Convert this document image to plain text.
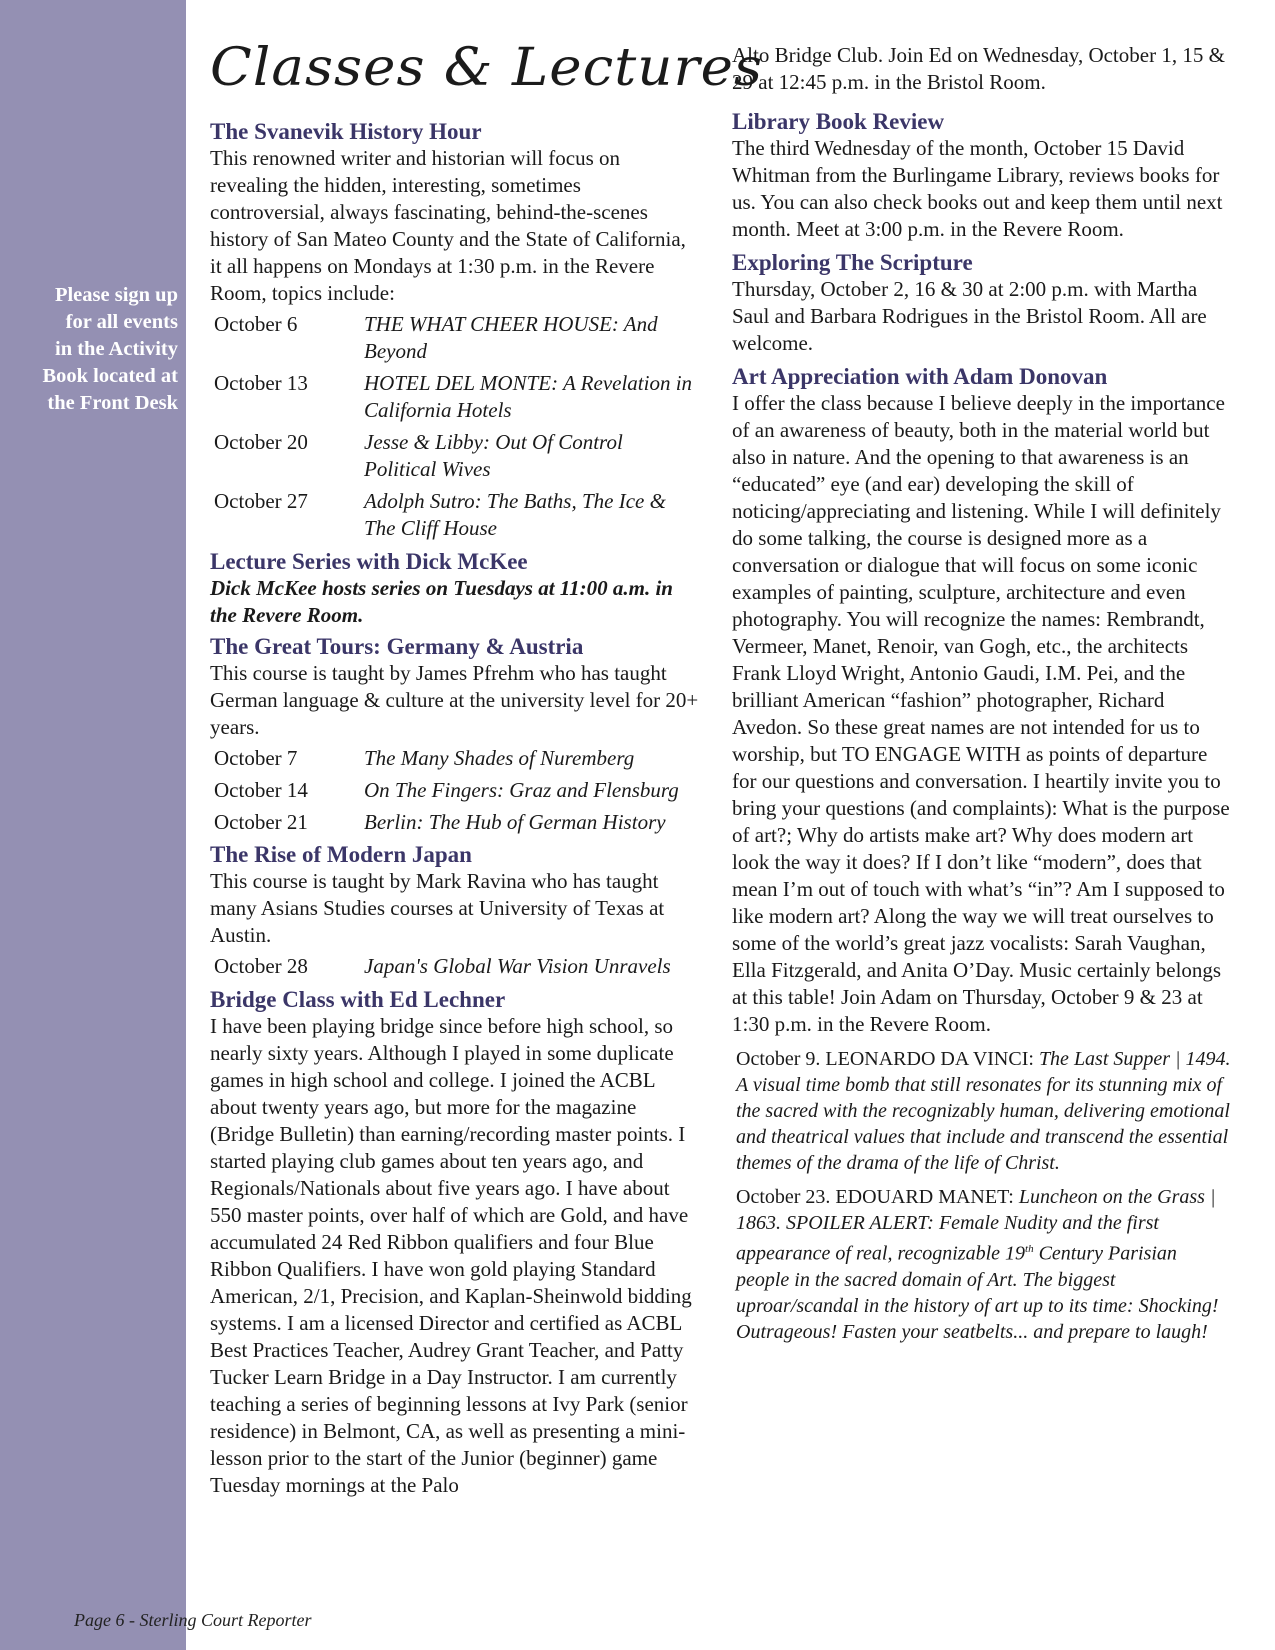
Please sign up
for all events
in the Activity
Book located at
the Front Desk
Classes & Lectures
The Svanevik History Hour

This renowned writer and historian will focus on revealing the hidden, interesting, sometimes controversial, always fascinating, behind-the-scenes history of San Mateo County and the State of California, it all happens on Mondays at 1:30 p.m. in the Revere Room, topics include:

October 6	THE WHAT CHEER HOUSE: And Beyond
October 13	HOTEL DEL MONTE: A Revelation in California Hotels
October 20	Jesse & Libby: Out Of Control Political Wives
October 27	Adolph Sutro: The Baths, The Ice & The Cliff House
Lecture Series with Dick McKee

Dick McKee hosts series on Tuesdays at 11:00 a.m. in the Revere Room.

The Great Tours: Germany & Austria

This course is taught by James Pfrehm who has taught German language & culture at the university level for 20+ years.

October 7	The Many Shades of Nuremberg
October 14	On The Fingers: Graz and Flensburg
October 21	Berlin: The Hub of German History
The Rise of Modern Japan

This course is taught by Mark Ravina who has taught many Asians Studies courses at University of Texas at Austin.

October 28	Japan's Global War Vision Unravels
Bridge Class with Ed Lechner

I have been playing bridge since before high school, so nearly sixty years. Although I played in some duplicate games in high school and college. I joined the ACBL about twenty years ago, but more for the magazine (Bridge Bulletin) than earning/recording master points. I started playing club games about ten years ago, and Regionals/Nationals about five years ago. I have about 550 master points, over half of which are Gold, and have accumulated 24 Red Ribbon qualifiers and four Blue Ribbon Qualifiers. I have won gold playing Standard American, 2/1, Precision, and Kaplan-Sheinwold bidding systems. I am a licensed Director and certified as ACBL Best Practices Teacher, Audrey Grant Teacher, and Patty Tucker Learn Bridge in a Day Instructor. I am currently teaching a series of beginning lessons at Ivy Park (senior residence) in Belmont, CA, as well as presenting a mini-lesson prior to the start of the Junior (beginner) game Tuesday mornings at the Palo

Alto Bridge Club. Join Ed on Wednesday, October 1, 15 & 29 at 12:45 p.m. in the Bristol Room.

Library Book Review

The third Wednesday of the month, October 15 David Whitman from the Burlingame Library, reviews books for us. You can also check books out and keep them until next month. Meet at 3:00 p.m. in the Revere Room.

Exploring The Scripture

Thursday, October 2, 16 & 30 at 2:00 p.m. with Martha Saul and Barbara Rodrigues in the Bristol Room. All are welcome.

Art Appreciation with Adam Donovan

I offer the class because I believe deeply in the importance of an awareness of beauty, both in the material world but also in nature. And the opening to that awareness is an “educated” eye (and ear) developing the skill of noticing/appreciating and listening. While I will definitely do some talking, the course is designed more as a conversation or dialogue that will focus on some iconic examples of painting, sculpture, architecture and even photography. You will recognize the names: Rembrandt, Vermeer, Manet, Renoir, van Gogh, etc., the architects Frank Lloyd Wright, Antonio Gaudi, I.M. Pei, and the brilliant American “fashion” photographer, Richard Avedon. So these great names are not intended for us to worship, but TO ENGAGE WITH as points of departure for our questions and conversation. I heartily invite you to bring your questions (and complaints): What is the purpose of art?; Why do artists make art? Why does modern art look the way it does? If I don’t like “modern”, does that mean I’m out of touch with what’s “in”? Am I supposed to like modern art? Along the way we will treat ourselves to some of the world’s great jazz vocalists: Sarah Vaughan, Ella Fitzgerald, and Anita O’Day. Music certainly belongs at this table! Join Adam on Thursday, October 9 & 23 at 1:30 p.m. in the Revere Room.

October 9. LEONARDO DA VINCI: The Last Supper | 1494. A visual time bomb that still resonates for its stunning mix of the sacred with the recognizably human, delivering emotional and theatrical values that include and transcend the essential themes of the drama of the life of Christ.

October 23. EDOUARD MANET: Luncheon on the Grass | 1863. SPOILER ALERT: Female Nudity and the first appearance of real, recognizable 19th Century Parisian people in the sacred domain of Art. The biggest uproar/scandal in the history of art up to its time: Shocking! Outrageous! Fasten your seatbelts... and prepare to laugh!

Page 6 - Sterling Court Reporter
